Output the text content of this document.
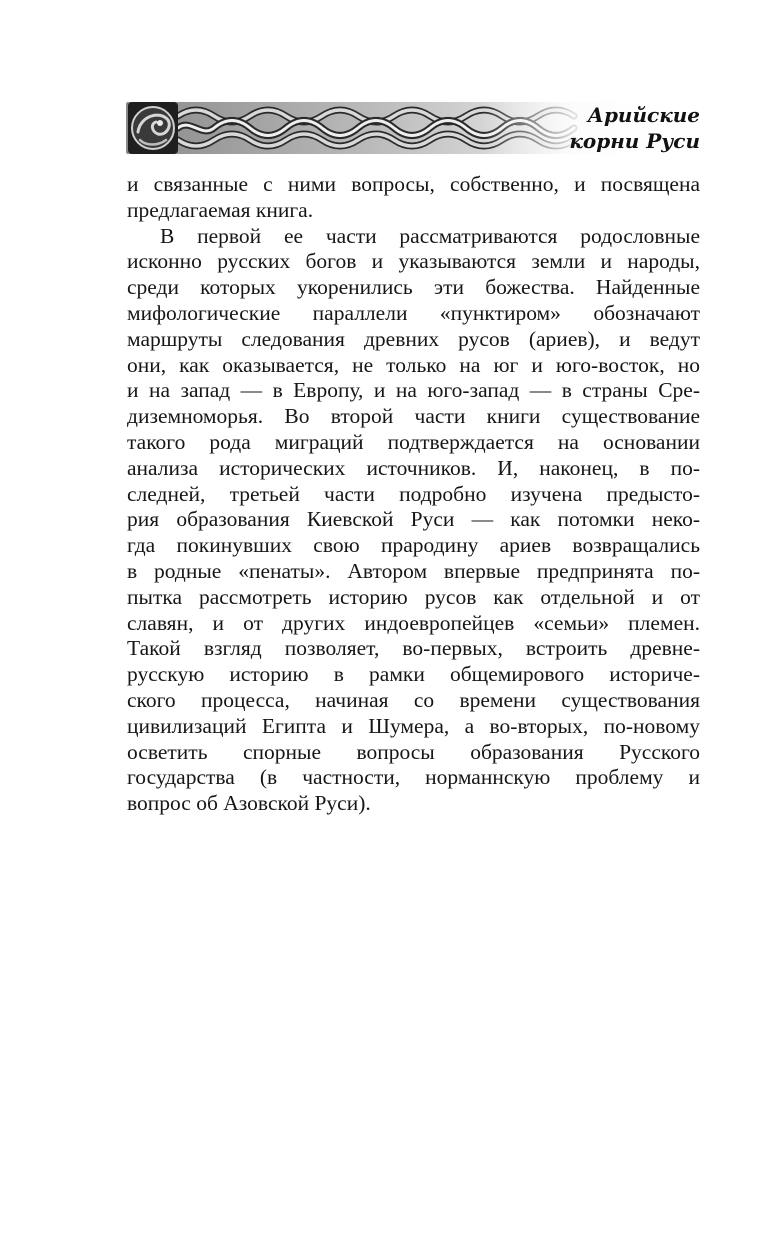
Арийские
корни Руси
и связанные с ними вопросы, собственно, и посвящена
предлагаемая книга.
В первой ее части рассматриваются родословные
исконно русских богов и указываются земли и народы,
среди которых укоренились эти божества. Найденные
мифологические параллели «пунктиром» обозначают
маршруты следования древних русов (ариев), и ведут
они, как оказывается, не только на юг и юго-восток, но
и на запад — в Европу, и на юго-запад — в страны Сре-
диземноморья. Во второй части книги существование
такого рода миграций подтверждается на основании
анализа исторических источников. И, наконец, в по-
следней, третьей части подробно изучена предысто-
рия образования Киевской Руси — как потомки неко-
гда покинувших свою прародину ариев возвращались
в родные «пенаты». Автором впервые предпринята по-
пытка рассмотреть историю русов как отдельной и от
славян, и от других индоевропейцев «семьи» племен.
Такой взгляд позволяет, во-первых, встроить древне-
русскую историю в рамки общемирового историче-
ского процесса, начиная со времени существования
цивилизаций Египта и Шумера, а во-вторых, по-новому
осветить спорные вопросы образования Русского
государства (в частности, норманнскую проблему и
вопрос об Азовской Руси).
